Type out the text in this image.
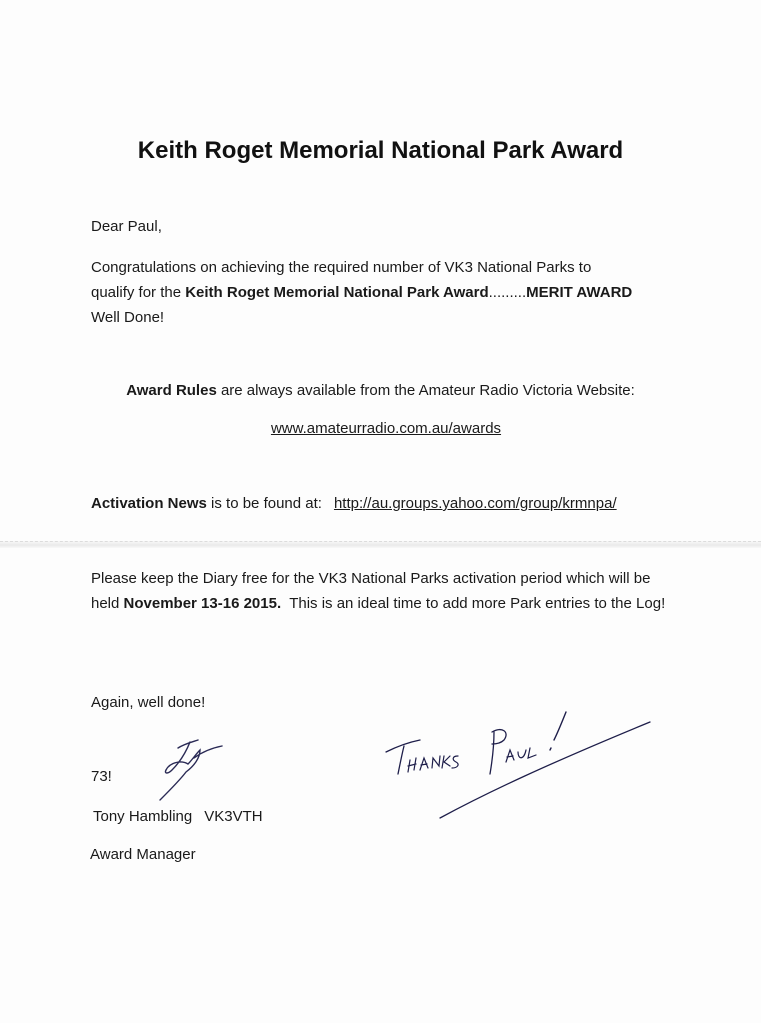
Keith Roget Memorial National Park Award
Dear Paul,

Congratulations on achieving the required number of VK3 National Parks to

qualify for the Keith Roget Memorial National Park Award.........MERIT AWARD

Well Done!

Award Rules are always available from the Amateur Radio Victoria Website:
www.amateurradio.com.au/awards
Activation News is to be found at: http://au.groups.yahoo.com/group/krmnpa/
Please keep the Diary free for the VK3 National Parks activation period which will be held November 13-16 2015.  This is an ideal time to add more Park entries to the Log!
Again, well done!
73!
Tony Hambling VK3VTH
Award Manager
